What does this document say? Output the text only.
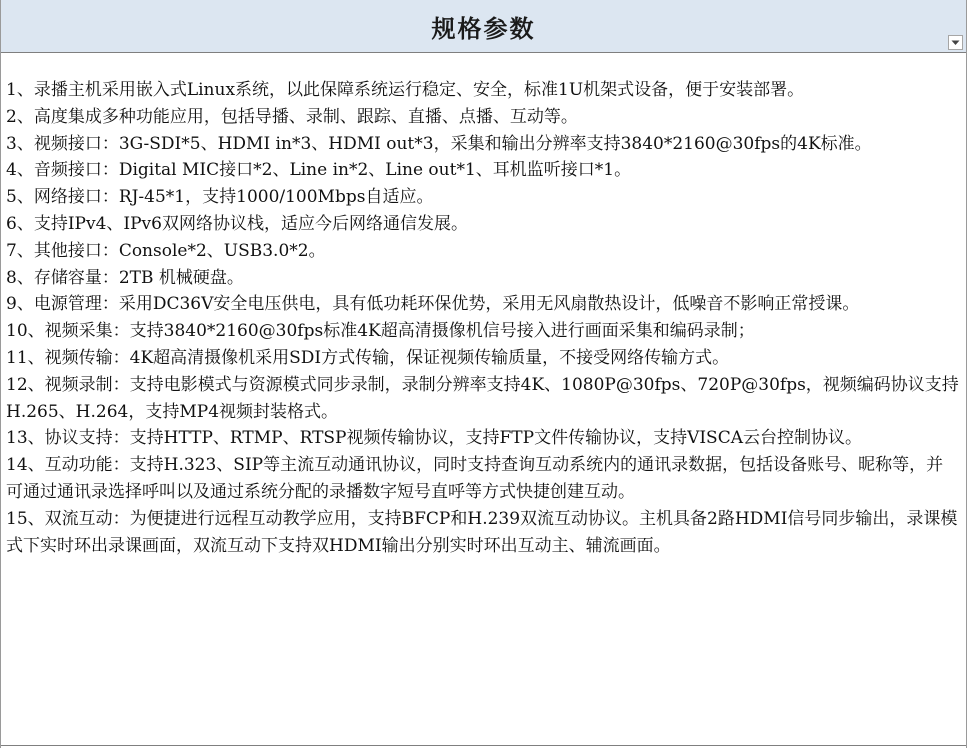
规格参数
1、录播主机采用嵌入式Linux系统，以此保障系统运行稳定、安全，标准1U机架式设备，便于安装部署。
2、高度集成多种功能应用，包括导播、录制、跟踪、直播、点播、互动等。
3、视频接口：3G-SDI*5、HDMI in*3、HDMI out*3，采集和输出分辨率支持3840*2160@30fps的4K标准。
4、音频接口：Digital MIC接口*2、Line in*2、Line out*1、耳机监听接口*1。
5、网络接口：RJ-45*1，支持1000/100Mbps自适应。
6、支持IPv4、IPv6双网络协议栈，适应今后网络通信发展。
7、其他接口：Console*2、USB3.0*2。
8、存储容量：2TB 机械硬盘。
9、电源管理：采用DC36V安全电压供电，具有低功耗环保优势，采用无风扇散热设计，低噪音不影响正常授课。
10、视频采集：支持3840*2160@30fps标准4K超高清摄像机信号接入进行画面采集和编码录制；
11、视频传输：4K超高清摄像机采用SDI方式传输，保证视频传输质量，不接受网络传输方式。
12、视频录制：支持电影模式与资源模式同步录制，录制分辨率支持4K、1080P@30fps、720P@30fps，视频编码协议支持H.265、H.264，支持MP4视频封装格式。
13、协议支持：支持HTTP、RTMP、RTSP视频传输协议，支持FTP文件传输协议，支持VISCA云台控制协议。
14、互动功能：支持H.323、SIP等主流互动通讯协议，同时支持查询互动系统内的通讯录数据，包括设备账号、昵称等，并可通过通讯录选择呼叫以及通过系统分配的录播数字短号直呼等方式快捷创建互动。
15、双流互动：为便捷进行远程互动教学应用，支持BFCP和H.239双流互动协议。主机具备2路HDMI信号同步输出，录课模式下实时环出录课画面，双流互动下支持双HDMI输出分别实时环出互动主、辅流画面。
